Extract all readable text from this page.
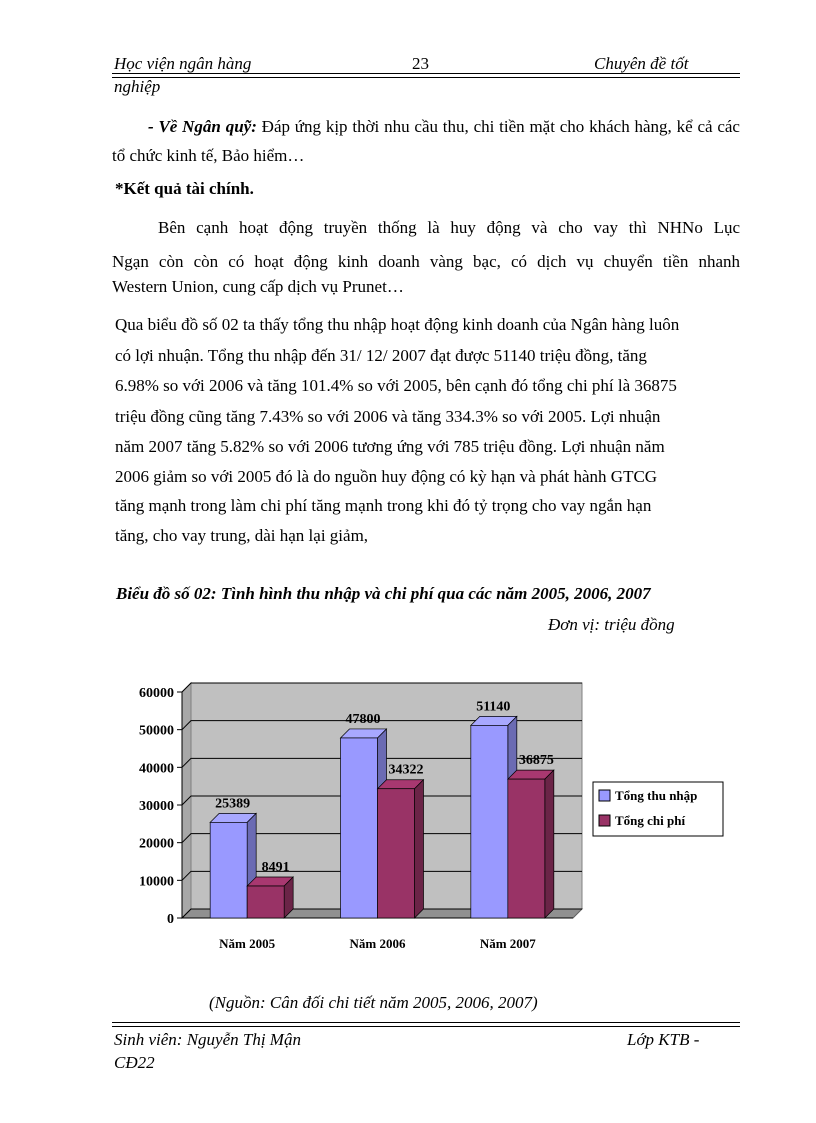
Học viện ngân hàng	23	Chuyên đề tốt
nghiệp
- Về Ngân quỹ: Đáp ứng kịp thời nhu cầu thu, chi tiền mặt cho khách hàng, kể cả các tổ chức kinh tế, Bảo hiểm…
*Kết quả tài chính.
Bên cạnh hoạt động truyền thống là huy động và cho vay thì NHNo Lục
Ngạn còn còn có hoạt động kinh doanh vàng bạc, có dịch vụ chuyển tiền nhanh
Western Union, cung cấp dịch vụ Prunet…
Qua biểu đồ số 02 ta thấy tổng thu nhập hoạt động kinh doanh của Ngân hàng luôn
có lợi nhuận. Tổng thu nhập đến 31/ 12/ 2007 đạt được 51140 triệu đồng, tăng
6.98% so với 2006 và tăng 101.4% so với 2005, bên cạnh đó tổng chi phí là 36875
triệu đồng cũng tăng 7.43% so với 2006 và tăng 334.3% so với 2005. Lợi nhuận
năm 2007 tăng 5.82% so với 2006 tương ứng với 785 triệu đồng. Lợi nhuận năm
2006 giảm so với 2005 đó là do nguồn huy động có kỳ hạn và phát hành GTCG
tăng mạnh trong làm chi phí tăng mạnh trong khi đó tỷ trọng cho vay ngắn hạn
tăng, cho vay trung, dài hạn lại giảm,
Biểu đồ số 02: Tình hình thu nhập và chi phí qua các năm 2005, 2006, 2007
Đơn vị: triệu đồng
0
10000
20000
30000
40000
50000
60000
25389
8491
Năm 2005
47800
34322
Năm 2006
51140
36875
Năm 2007
Tổng thu nhập
Tổng chi phí
(Nguồn: Cân đối chi tiết năm 2005, 2006, 2007)
Sinh viên: Nguyễn Thị Mận	Lớp KTB -
CĐ22
